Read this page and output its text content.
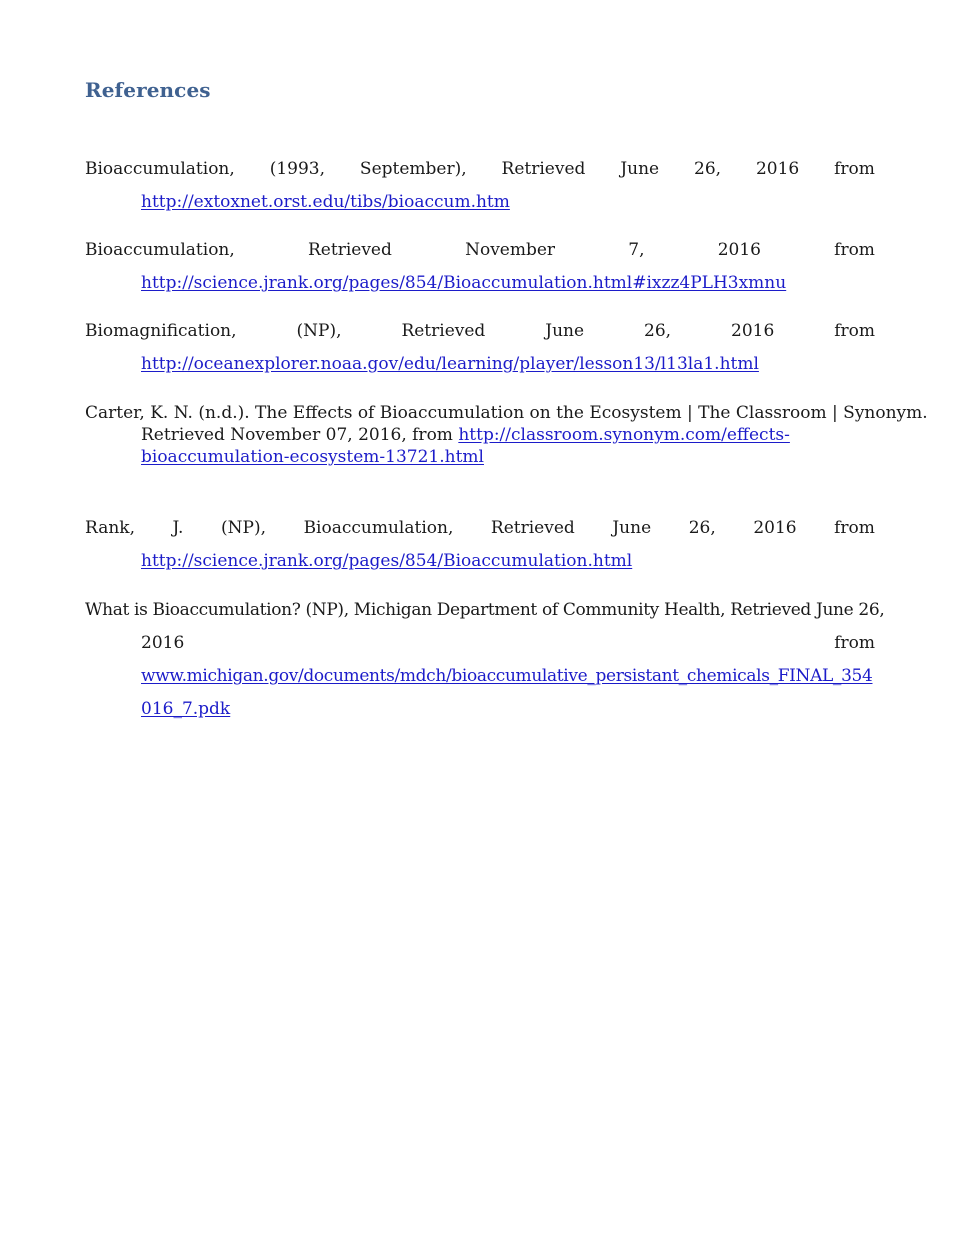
References
Bioaccumulation, (1993, September), Retrieved June 26, 2016 from
http://extoxnet.orst.edu/tibs/bioaccum.htm
Bioaccumulation,	Retrieved	November	7,	2016	from
http://science.jrank.org/pages/854/Bioaccumulation.html#ixzz4PLH3xmnu
Biomagnification,	(NP),	Retrieved	June	26,	2016	from
http://oceanexplorer.noaa.gov/edu/learning/player/lesson13/l13la1.html
Carter, K. N. (n.d.). The Effects of Bioaccumulation on the Ecosystem | The Classroom | Synonym.
Retrieved November 07, 2016, from http://classroom.synonym.com/effects-
bioaccumulation-ecosystem-13721.html
Rank, J. (NP), Bioaccumulation, Retrieved June 26, 2016 from
http://science.jrank.org/pages/854/Bioaccumulation.html
What is Bioaccumulation? (NP), Michigan Department of Community Health, Retrieved June 26,
2016	from
www.michigan.gov/documents/mdch/bioaccumulative_persistant_chemicals_FINAL_354
016_7.pdk
